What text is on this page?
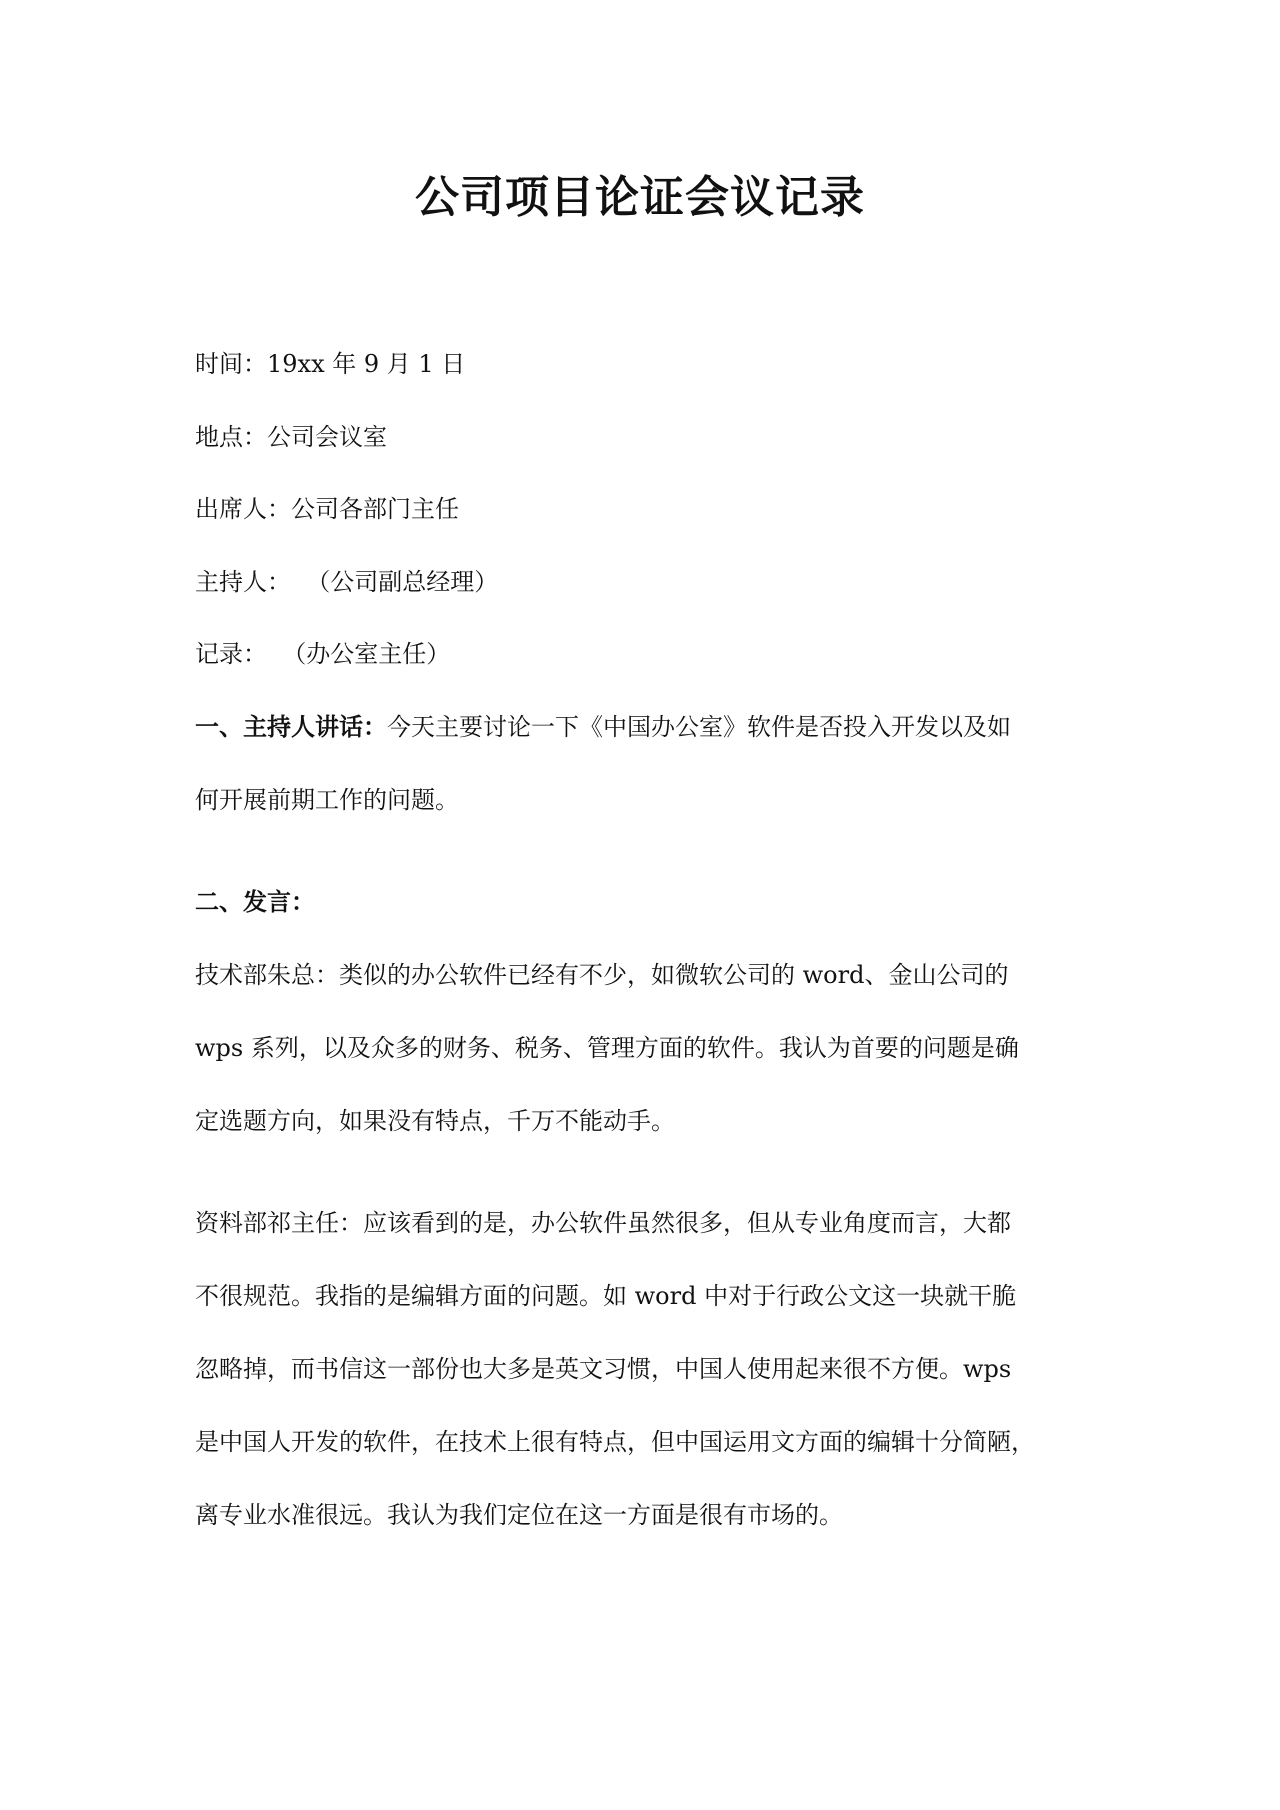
公司项目论证会议记录
时间：19xx 年 9 月 1 日
地点：公司会议室
出席人：公司各部门主任
主持人： （公司副总经理）
记录： （办公室主任）
一、主持人讲话：今天主要讨论一下《中国办公室》软件是否投入开发以及如
何开展前期工作的问题。
二、发言：
技术部朱总：类似的办公软件已经有不少，如微软公司的 word、金山公司的
wps 系列，以及众多的财务、税务、管理方面的软件。我认为首要的问题是确
定选题方向，如果没有特点，千万不能动手。
资料部祁主任：应该看到的是，办公软件虽然很多，但从专业角度而言，大都
不很规范。我指的是编辑方面的问题。如 word 中对于行政公文这一块就干脆
忽略掉，而书信这一部份也大多是英文习惯，中国人使用起来很不方便。wps
是中国人开发的软件，在技术上很有特点，但中国运用文方面的编辑十分简陋，
离专业水准很远。我认为我们定位在这一方面是很有市场的。
